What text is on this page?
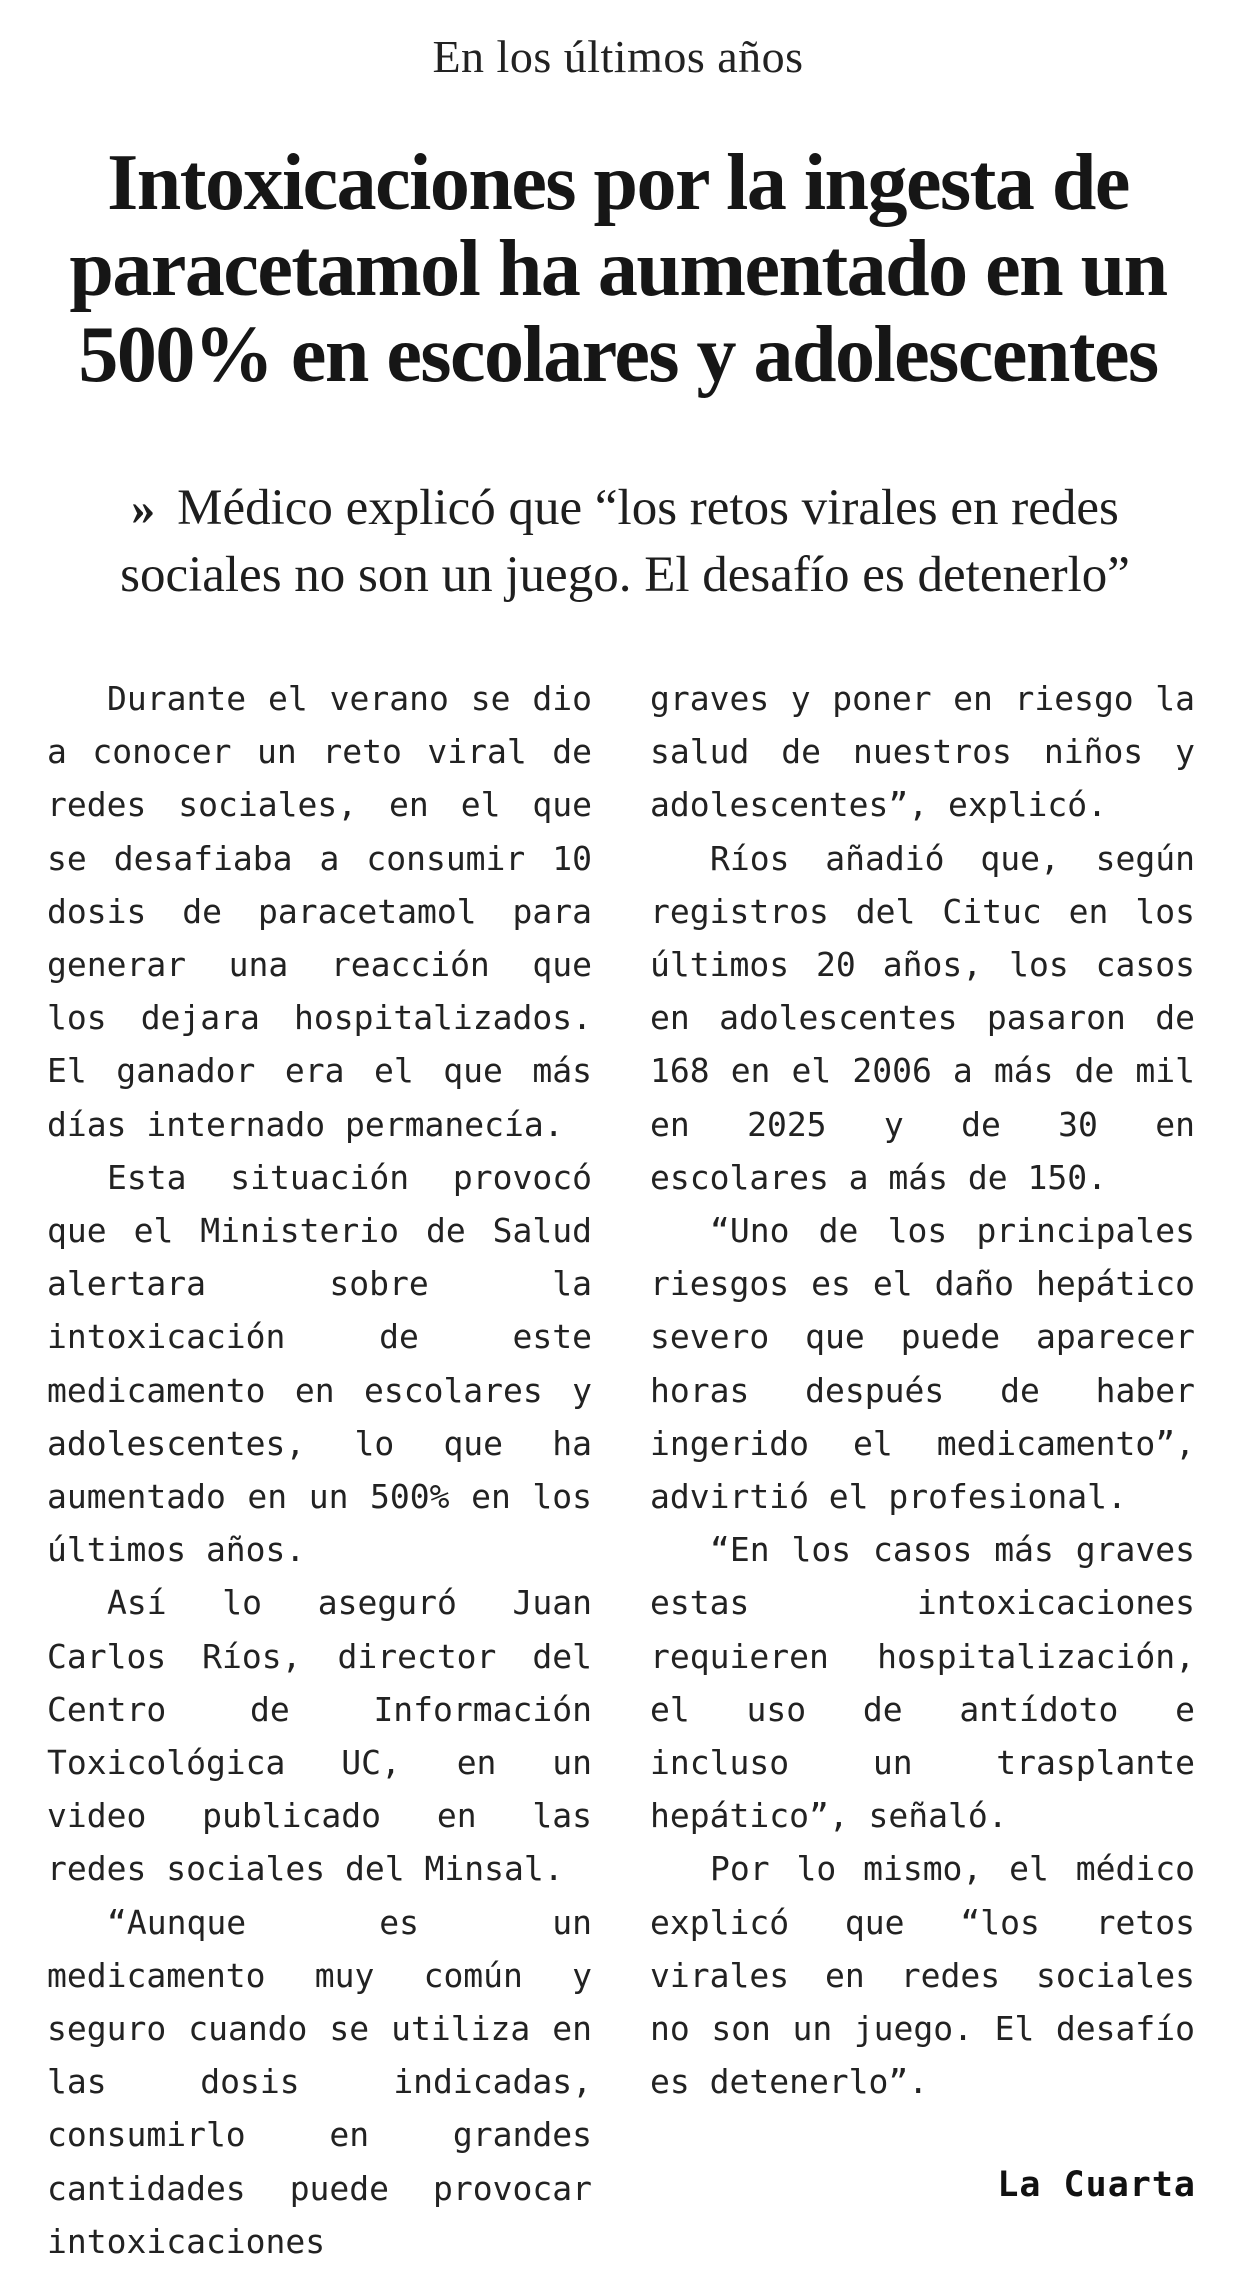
En los últimos años
Intoxicaciones por la ingesta de paracetamol ha aumentado en un 500% en escolares y adolescentes
» Médico explicó que “los retos virales en redes sociales no son un juego. El desafío es detenerlo”

Durante el verano se dio a conocer un reto viral de redes sociales, en el que se desafiaba a consumir 10 dosis de paracetamol para generar una reacción que los dejara hospitalizados. El ganador era el que más días internado permanecía.

Esta situación provocó que el Ministerio de Salud alertara sobre la intoxicación de este medicamento en escolares y adolescentes, lo que ha aumentado en un 500% en los últimos años.

Así lo aseguró Juan Carlos Ríos, director del Centro de Información Toxicológica UC, en un video publicado en las redes sociales del Minsal.

“Aunque es un medicamento muy común y seguro cuando se utiliza en las dosis indicadas, consumirlo en grandes cantidades puede provocar intoxicaciones

graves y poner en riesgo la salud de nuestros niños y adolescentes”, explicó.

Ríos añadió que, según registros del Cituc en los últimos 20 años, los casos en adolescentes pasaron de 168 en el 2006 a más de mil en 2025 y de 30 en escolares a más de 150.

“Uno de los principales riesgos es el daño hepático severo que puede aparecer horas después de haber ingerido el medicamento”, advirtió el profesional.

“En los casos más graves estas intoxicaciones requieren hospitalización, el uso de antídoto e incluso un trasplante hepático”, señaló.

Por lo mismo, el médico explicó que “los retos virales en redes sociales no son un juego. El desafío es detenerlo”.

La Cuarta
